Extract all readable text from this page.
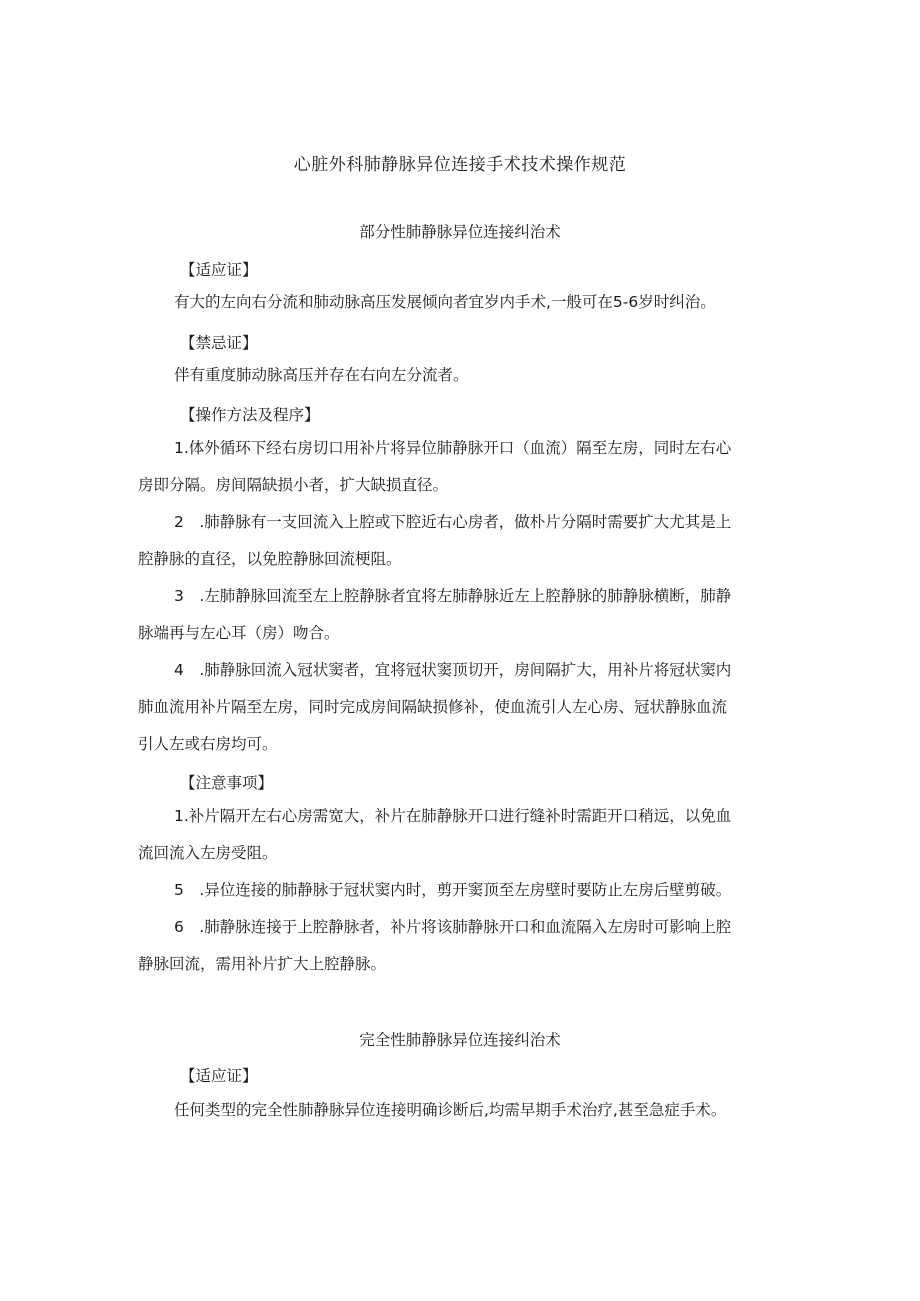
心脏外科肺静脉异位连接手术技术操作规范
部分性肺静脉异位连接纠治术
【适应证】
有大的左向右分流和肺动脉高压发展倾向者宜岁内手术,一般可在5-6岁时纠治。
【禁忌证】
伴有重度肺动脉高压并存在右向左分流者。
【操作方法及程序】
1.体外循环下经右房切口用补片将异位肺静脉开口（血流）隔至左房，同时左右心
房即分隔。房间隔缺损小者，扩大缺损直径。
2　.肺静脉有一支回流入上腔或下腔近右心房者，做朴片分隔时需要扩大尤其是上
腔静脉的直径，以免腔静脉回流梗阻。
3　.左肺静脉回流至左上腔静脉者宜将左肺静脉近左上腔静脉的肺静脉横断，肺静
脉端再与左心耳（房）吻合。
4　.肺静脉回流入冠状窦者，宜将冠状窦顶切开，房间隔扩大，用补片将冠状窦内
肺血流用补片隔至左房，同时完成房间隔缺损修补，使血流引人左心房、冠状静脉血流
引人左或右房均可。
【注意事项】
1.补片隔开左右心房需宽大，补片在肺静脉开口进行缝补时需距开口稍远，以免血
流回流入左房受阻。
5　.异位连接的肺静脉于冠状窦内时，剪开窦顶至左房壁时要防止左房后壁剪破。
6　.肺静脉连接于上腔静脉者，补片将该肺静脉开口和血流隔入左房时可影响上腔
静脉回流，需用补片扩大上腔静脉。
完全性肺静脉异位连接纠治术
【适应证】
任何类型的完全性肺静脉异位连接明确诊断后,均需早期手术治疗,甚至急症手术。
